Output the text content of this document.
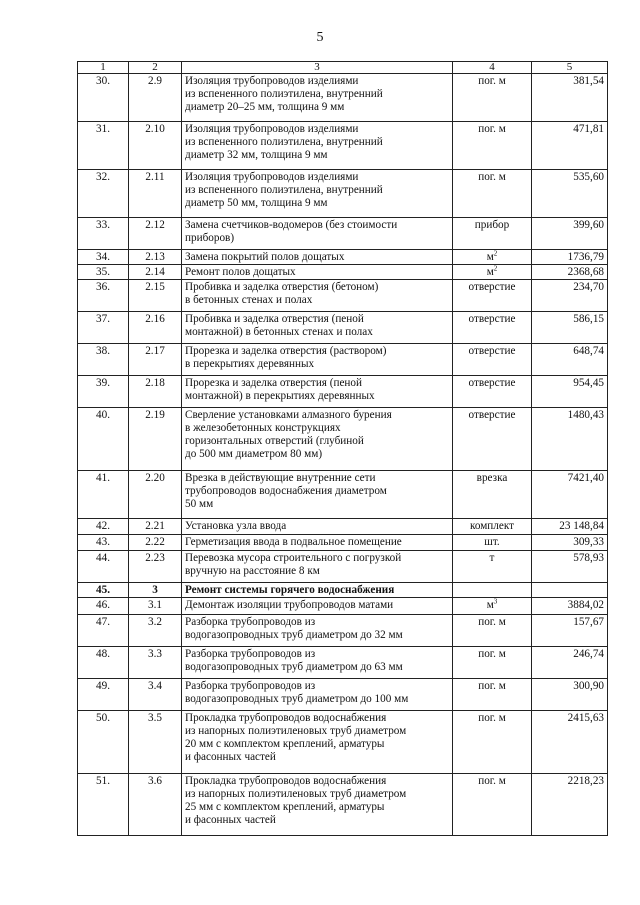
5
1	2	3	4	5
30.	2.9	Изоляция трубопроводов изделиями
из вспененного полиэтилена, внутренний
диаметр 20–25 мм, толщина 9 мм	пог. м	381,54
31.	2.10	Изоляция трубопроводов изделиями
из вспененного полиэтилена, внутренний
диаметр 32 мм, толщина 9 мм	пог. м	471,81
32.	2.11	Изоляция трубопроводов изделиями
из вспененного полиэтилена, внутренний
диаметр 50 мм, толщина 9 мм	пог. м	535,60
33.	2.12	Замена счетчиков-водомеров (без стоимости
приборов)	прибор	399,60
34.	2.13	Замена покрытий полов дощатых	$м^2$	1736,79
35.	2.14	Ремонт полов дощатых	$м^2$	2368,68
36.	2.15	Пробивка и заделка отверстия (бетоном)
в бетонных стенах и полах	отверстие	234,70
37.	2.16	Пробивка и заделка отверстия (пеной
монтажной) в бетонных стенах и полах	отверстие	586,15
38.	2.17	Прорезка и заделка отверстия (раствором)
в перекрытиях деревянных	отверстие	648,74
39.	2.18	Прорезка и заделка отверстия (пеной
монтажной) в перекрытиях деревянных	отверстие	954,45
40.	2.19	Сверление установками алмазного бурения
в железобетонных конструкциях
горизонтальных отверстий (глубиной
до 500 мм диаметром 80 мм)	отверстие	1480,43
41.	2.20	Врезка в действующие внутренние сети
трубопроводов водоснабжения диаметром
50 мм	врезка	7421,40
42.	2.21	Установка узла ввода	комплект	23 148,84
43.	2.22	Герметизация ввода в подвальное помещение	шт.	309,33
44.	2.23	Перевозка мусора строительного с погрузкой
вручную на расстояние 8 км	т	578,93
45.	3	Ремонт системы горячего водоснабжения		

46.	3.1	Демонтаж изоляции трубопроводов матами	$м^3$	3884,02
47.	3.2	Разборка трубопроводов из
водогазопроводных труб диаметром до 32 мм	пог. м	157,67
48.	3.3	Разборка трубопроводов из
водогазопроводных труб диаметром до 63 мм	пог. м	246,74
49.	3.4	Разборка трубопроводов из
водогазопроводных труб диаметром до 100 мм	пог. м	300,90
50.	3.5	Прокладка трубопроводов водоснабжения
из напорных полиэтиленовых труб диаметром
20 мм с комплектом креплений, арматуры
и фасонных частей	пог. м	2415,63
51.	3.6	Прокладка трубопроводов водоснабжения
из напорных полиэтиленовых труб диаметром
25 мм с комплектом креплений, арматуры
и фасонных частей	пог. м	2218,23
